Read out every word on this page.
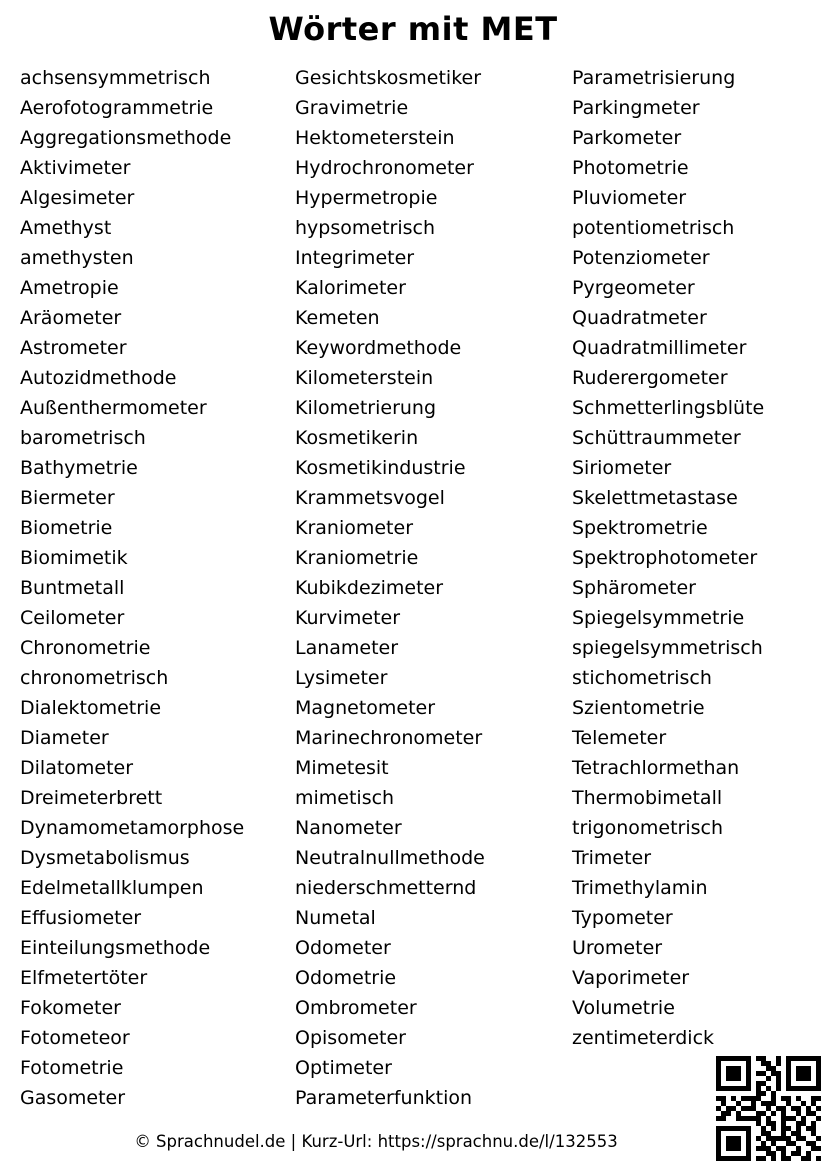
Wörter mit MET
achsensymmetrisch
Aerofotogrammetrie
Aggregationsmethode
Aktivimeter
Algesimeter
Amethyst
amethysten
Ametropie
Aräometer
Astrometer
Autozidmethode
Außenthermometer
barometrisch
Bathymetrie
Biermeter
Biometrie
Biomimetik
Buntmetall
Ceilometer
Chronometrie
chronometrisch
Dialektometrie
Diameter
Dilatometer
Dreimeterbrett
Dynamometamorphose
Dysmetabolismus
Edelmetallklumpen
Effusiometer
Einteilungsmethode
Elfmetertöter
Fokometer
Fotometeor
Fotometrie
Gasometer
Gesichtskosmetiker
Gravimetrie
Hektometerstein
Hydrochronometer
Hypermetropie
hypsometrisch
Integrimeter
Kalorimeter
Kemeten
Keywordmethode
Kilometerstein
Kilometrierung
Kosmetikerin
Kosmetikindustrie
Krammetsvogel
Kraniometer
Kraniometrie
Kubikdezimeter
Kurvimeter
Lanameter
Lysimeter
Magnetometer
Marinechronometer
Mimetesit
mimetisch
Nanometer
Neutralnullmethode
niederschmetternd
Numetal
Odometer
Odometrie
Ombrometer
Opisometer
Optimeter
Parameterfunktion
Parametrisierung
Parkingmeter
Parkometer
Photometrie
Pluviometer
potentiometrisch
Potenziometer
Pyrgeometer
Quadratmeter
Quadratmillimeter
Ruderergometer
Schmetterlingsblüte
Schüttraummeter
Siriometer
Skelettmetastase
Spektrometrie
Spektrophotometer
Sphärometer
Spiegelsymmetrie
spiegelsymmetrisch
stichometrisch
Szientometrie
Telemeter
Tetrachlormethan
Thermobimetall
trigonometrisch
Trimeter
Trimethylamin
Typometer
Urometer
Vaporimeter
Volumetrie
zentimeterdick
© Sprachnudel.de | Kurz-Url: https://sprachnu.de/l/132553
